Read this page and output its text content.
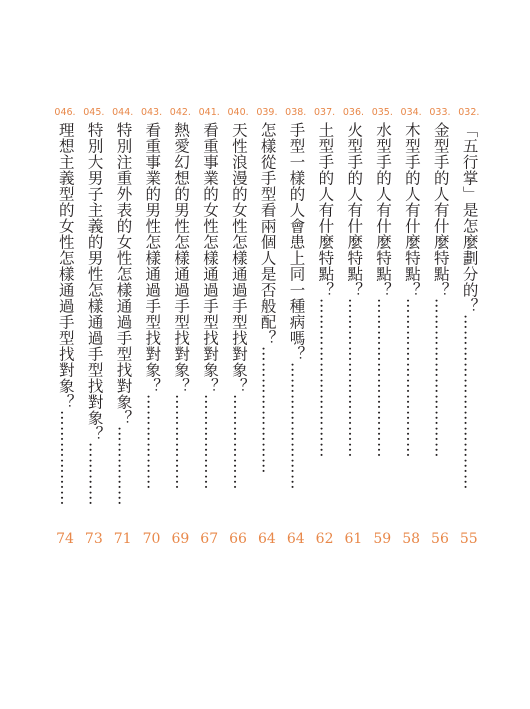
032.
「五行掌」是怎麼劃分的？……………………………
55
033.
金型手的人有什麼特點？…………………………
56
034.
木型手的人有什麼特點？…………………………
58
035.
水型手的人有什麼特點？…………………………
59
036.
火型手的人有什麼特點？…………………………
61
037.
土型手的人有什麼特點？…………………………
62
038.
手型一樣的人會患上同一種病嗎？……………………
64
039.
怎樣從手型看兩個人是否般配？……………………
64
040.
天性浪漫的女性怎樣通過手型找對象？………………
66
041.
看重事業的女性怎樣通過手型找對象？………………
67
042.
熱愛幻想的男性怎樣通過手型找對象？………………
69
043.
看重事業的男性怎樣通過手型找對象？………………
70
044.
特別注重外表的女性怎樣通過手型找對象？……………
71
045.
特別大男子主義的男性怎樣通過手型找對象？…………
73
046.
理想主義型的女性怎樣通過手型找對象？………………
74
